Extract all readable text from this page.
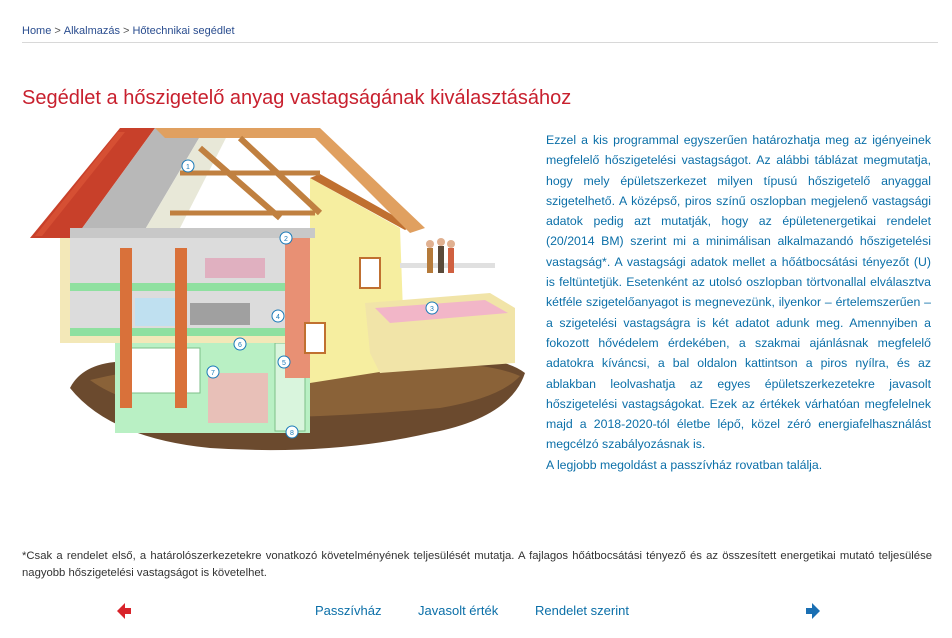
Home > Alkalmazás > Hőtechnikai segédlet
Segédlet a hőszigetelő anyag vastagságának kiválasztásához
1
2
3
4
5
6
7
8

Ezzel a kis programmal egyszerűen határozhatja meg az igényeinek megfelelő hőszigetelési vastagságot. Az alábbi táblázat megmutatja, hogy mely épületszerkezet milyen típusú hőszigetelő anyaggal szigetelhető. A középső, piros színű oszlopban megjelenő vastagsági adatok pedig azt mutatják, hogy az épületenergetikai rendelet (20/2014 BM) szerint mi a minimálisan alkalmazandó hőszigetelési vastagság*. A vastagsági adatok mellet a hőátbocsátási tényezőt (U) is feltüntetjük. Esetenként az utolsó oszlopban törtvonallal elválasztva kétféle szigetelőanyagot is megnevezünk, ilyenkor – értelemszerűen – a szigetelési vastagságra is két adatot adunk meg. Amennyiben a fokozott hővédelem érdekében, a szakmai ajánlásnak megfelelő adatokra kíváncsi, a bal oldalon kattintson a piros nyílra, és az ablakban leolvashatja az egyes épületszerkezetekre javasolt hőszigetelési vastagságokat. Ezek az értékek várhatóan megfelelnek majd a 2018-2020-tól életbe lépő, közel zéró energiafelhasználást megcélzó szabályozásnak is.

A legjobb megoldást a passzívház rovatban találja.

*Csak a rendelet első, a határolószerkezetekre vonatkozó követelményének teljesülését mutatja. A fajlagos hőátbocsátási tényező és az összesített energetikai mutató teljesülése nagyobb hőszigetelési vastagságot is követelhet.
Passzívház	Javasolt érték	Rendelet szerint
